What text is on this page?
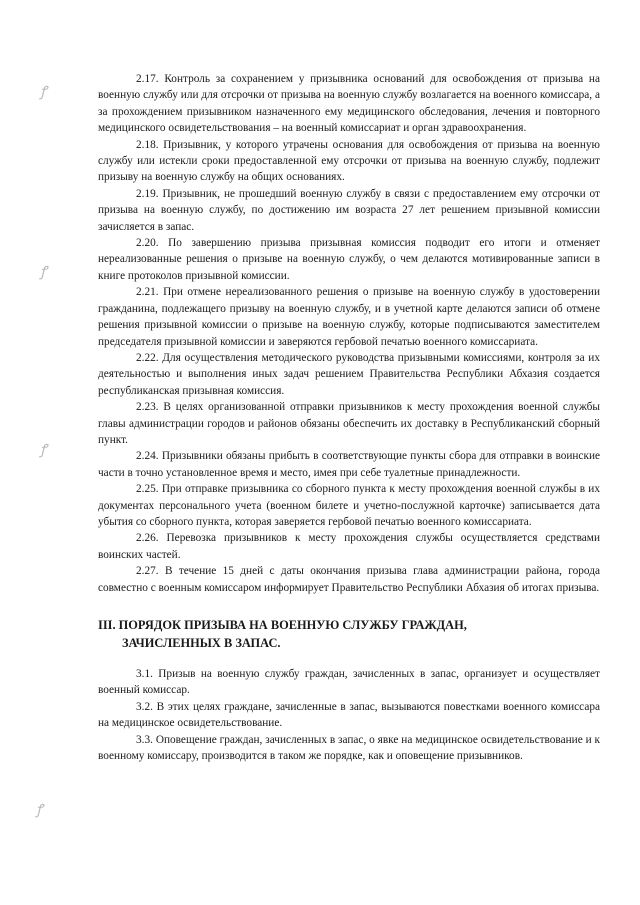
ꝭ
ꝭ
ꝭ
ꝭ

2.17. Контроль за сохранением у призывника оснований для освобождения от призыва на военную службу или для отсрочки от призыва на военную службу возлагается на военного комиссара, а за прохождением призывником назначенного ему медицинского обследования, лечения и повторного медицинского освидетельствования – на военный комиссариат и орган здравоохранения.

2.18. Призывник, у которого утрачены основания для освобождения от призыва на военную службу или истекли сроки предоставленной ему отсрочки от призыва на военную службу, подлежит призыву на военную службу на общих основаниях.

2.19. Призывник, не прошедший военную службу в связи с предоставлением ему отсрочки от призыва на военную службу, по достижению им возраста 27 лет решением призывной комиссии зачисляется в запас.

2.20. По завершению призыва призывная комиссия подводит его итоги и отменяет нереализованные решения о призыве на военную службу, о чем делаются мотивированные записи в книге протоколов призывной комиссии.

2.21. При отмене нереализованного решения о призыве на военную службу в удостоверении гражданина, подлежащего призыву на военную службу, и в учетной карте делаются записи об отмене решения призывной комиссии о призыве на военную службу, которые подписываются заместителем председателя призывной комиссии и заверяются гербовой печатью военного комиссариата.

2.22. Для осуществления методического руководства призывными комиссиями, контроля за их деятельностью и выполнения иных задач решением Правительства Республики Абхазия создается республиканская призывная комиссия.

2.23. В целях организованной отправки призывников к месту прохождения военной службы главы администрации городов и районов обязаны обеспечить их доставку в Республиканский сборный пункт.

2.24. Призывники обязаны прибыть в соответствующие пункты сбора для отправки в воинские части в точно установленное время и место, имея при себе туалетные принадлежности.

2.25. При отправке призывника со сборного пункта к месту прохождения военной службы в их документах персонального учета (военном билете и учетно-послужной карточке) записывается дата убытия со сборного пункта, которая заверяется гербовой печатью военного комиссариата.

2.26. Перевозка призывников к месту прохождения службы осуществляется средствами воинских частей.

2.27. В течение 15 дней с даты окончания призыва глава администрации района, города совместно с военным комиссаром информирует Правительство Республики Абхазия об итогах призыва.

III. ПОРЯДОК ПРИЗЫВА НА ВОЕННУЮ СЛУЖБУ ГРАЖДАН,
ЗАЧИСЛЕННЫХ В ЗАПАС.

3.1. Призыв на военную службу граждан, зачисленных в запас, организует и осуществляет военный комиссар.

3.2. В этих целях граждане, зачисленные в запас, вызываются повестками военного комиссара на медицинское освидетельствование.

3.3. Оповещение граждан, зачисленных в запас, о явке на медицинское освидетельствование и к военному комиссару, производится в таком же порядке, как и оповещение призывников.
